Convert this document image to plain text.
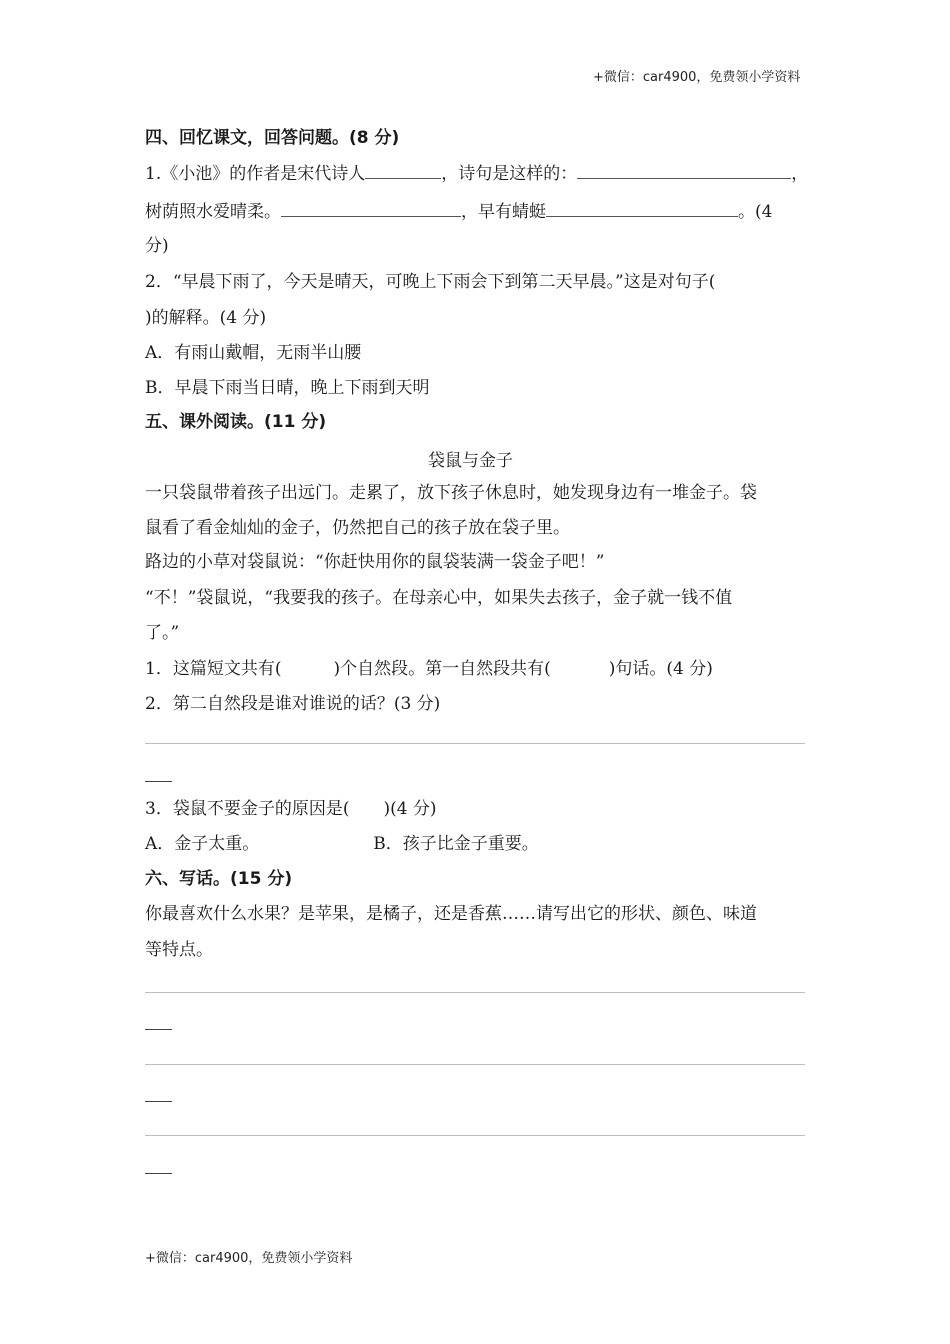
+微信：car4900，免费领小学资料
四、回忆课文，回答问题。(8 分)
1.《小池》的作者是宋代诗人	，诗句是这样的：	，
树荫照水爱晴柔。	，早有蜻蜓	。(4
分)
2．“早晨下雨了，今天是晴天，可晚上下雨会下到第二天早晨。”这是对句子(
)的解释。(4 分)
A．有雨山戴帽，无雨半山腰
B．早晨下雨当日晴，晚上下雨到天明
五、课外阅读。(11 分)
袋鼠与金子
一只袋鼠带着孩子出远门。走累了，放下孩子休息时，她发现身边有一堆金子。袋
鼠看了看金灿灿的金子，仍然把自己的孩子放在袋子里。
路边的小草对袋鼠说：“你赶快用你的鼠袋装满一袋金子吧！”
“不！”袋鼠说，“我要我的孩子。在母亲心中，如果失去孩子，金子就一钱不值
了。”
1．这篇短文共有(	)个自然段。第一自然段共有(	)句话。(4 分)
2．第二自然段是谁对谁说的话？(3 分)
3．袋鼠不要金子的原因是(　　)(4 分)
A．金子太重。	B．孩子比金子重要。
六、写话。(15 分)
你最喜欢什么水果？是苹果，是橘子，还是香蕉……请写出它的形状、颜色、味道
等特点。
+微信：car4900，免费领小学资料
